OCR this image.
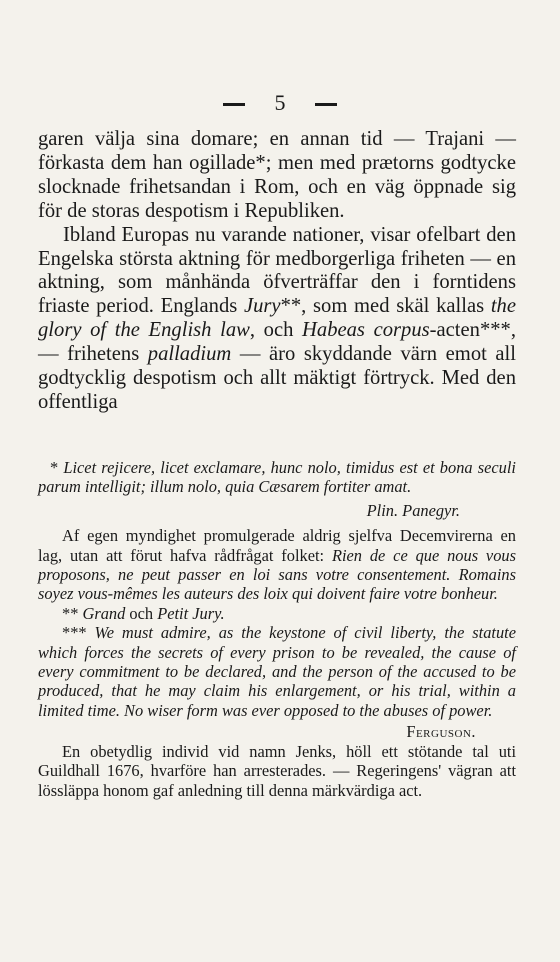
5

garen välja sina domare; en annan tid — Trajani — förkasta dem han ogillade*; men med prætorns godtycke slocknade frihetsandan i Rom, och en väg öppnade sig för de storas despotism i Republiken.

Ibland Europas nu varande nationer, visar ofelbart den Engelska största aktning för medborgerliga friheten — en aktning, som månhända öfverträffar den i forntidens friaste period. Englands Jury**, som med skäl kallas the glory of the English law, och Habeas corpus-acten***, — frihetens palladium — äro skyddande värn emot all godtycklig despotism och allt mäktigt förtryck. Med den offentliga

* Licet rejicere, licet exclamare, hunc nolo, timidus est et bona seculi parum intelligit; illum nolo, quia Cæsarem fortiter amat.

Plin. Panegyr.

Af egen myndighet promulgerade aldrig sjelfva Decemvirerna en lag, utan att förut hafva rådfrågat folket: Rien de ce que nous vous proposons, ne peut passer en loi sans votre consentement. Romains soyez vous-mêmes les auteurs des loix qui doivent faire votre bonheur.

** Grand och Petit Jury.

*** We must admire, as the keystone of civil liberty, the statute which forces the secrets of every prison to be revealed, the cause of every commitment to be declared, and the person of the accused to be produced, that he may claim his enlargement, or his trial, within a limited time. No wiser form was ever opposed to the abuses of power.

Ferguson.

En obetydlig individ vid namn Jenks, höll ett stötande tal uti Guildhall 1676, hvarföre han arresterades. — Regeringens' vägran att lössläppa honom gaf anledning till denna märkvärdiga act.
